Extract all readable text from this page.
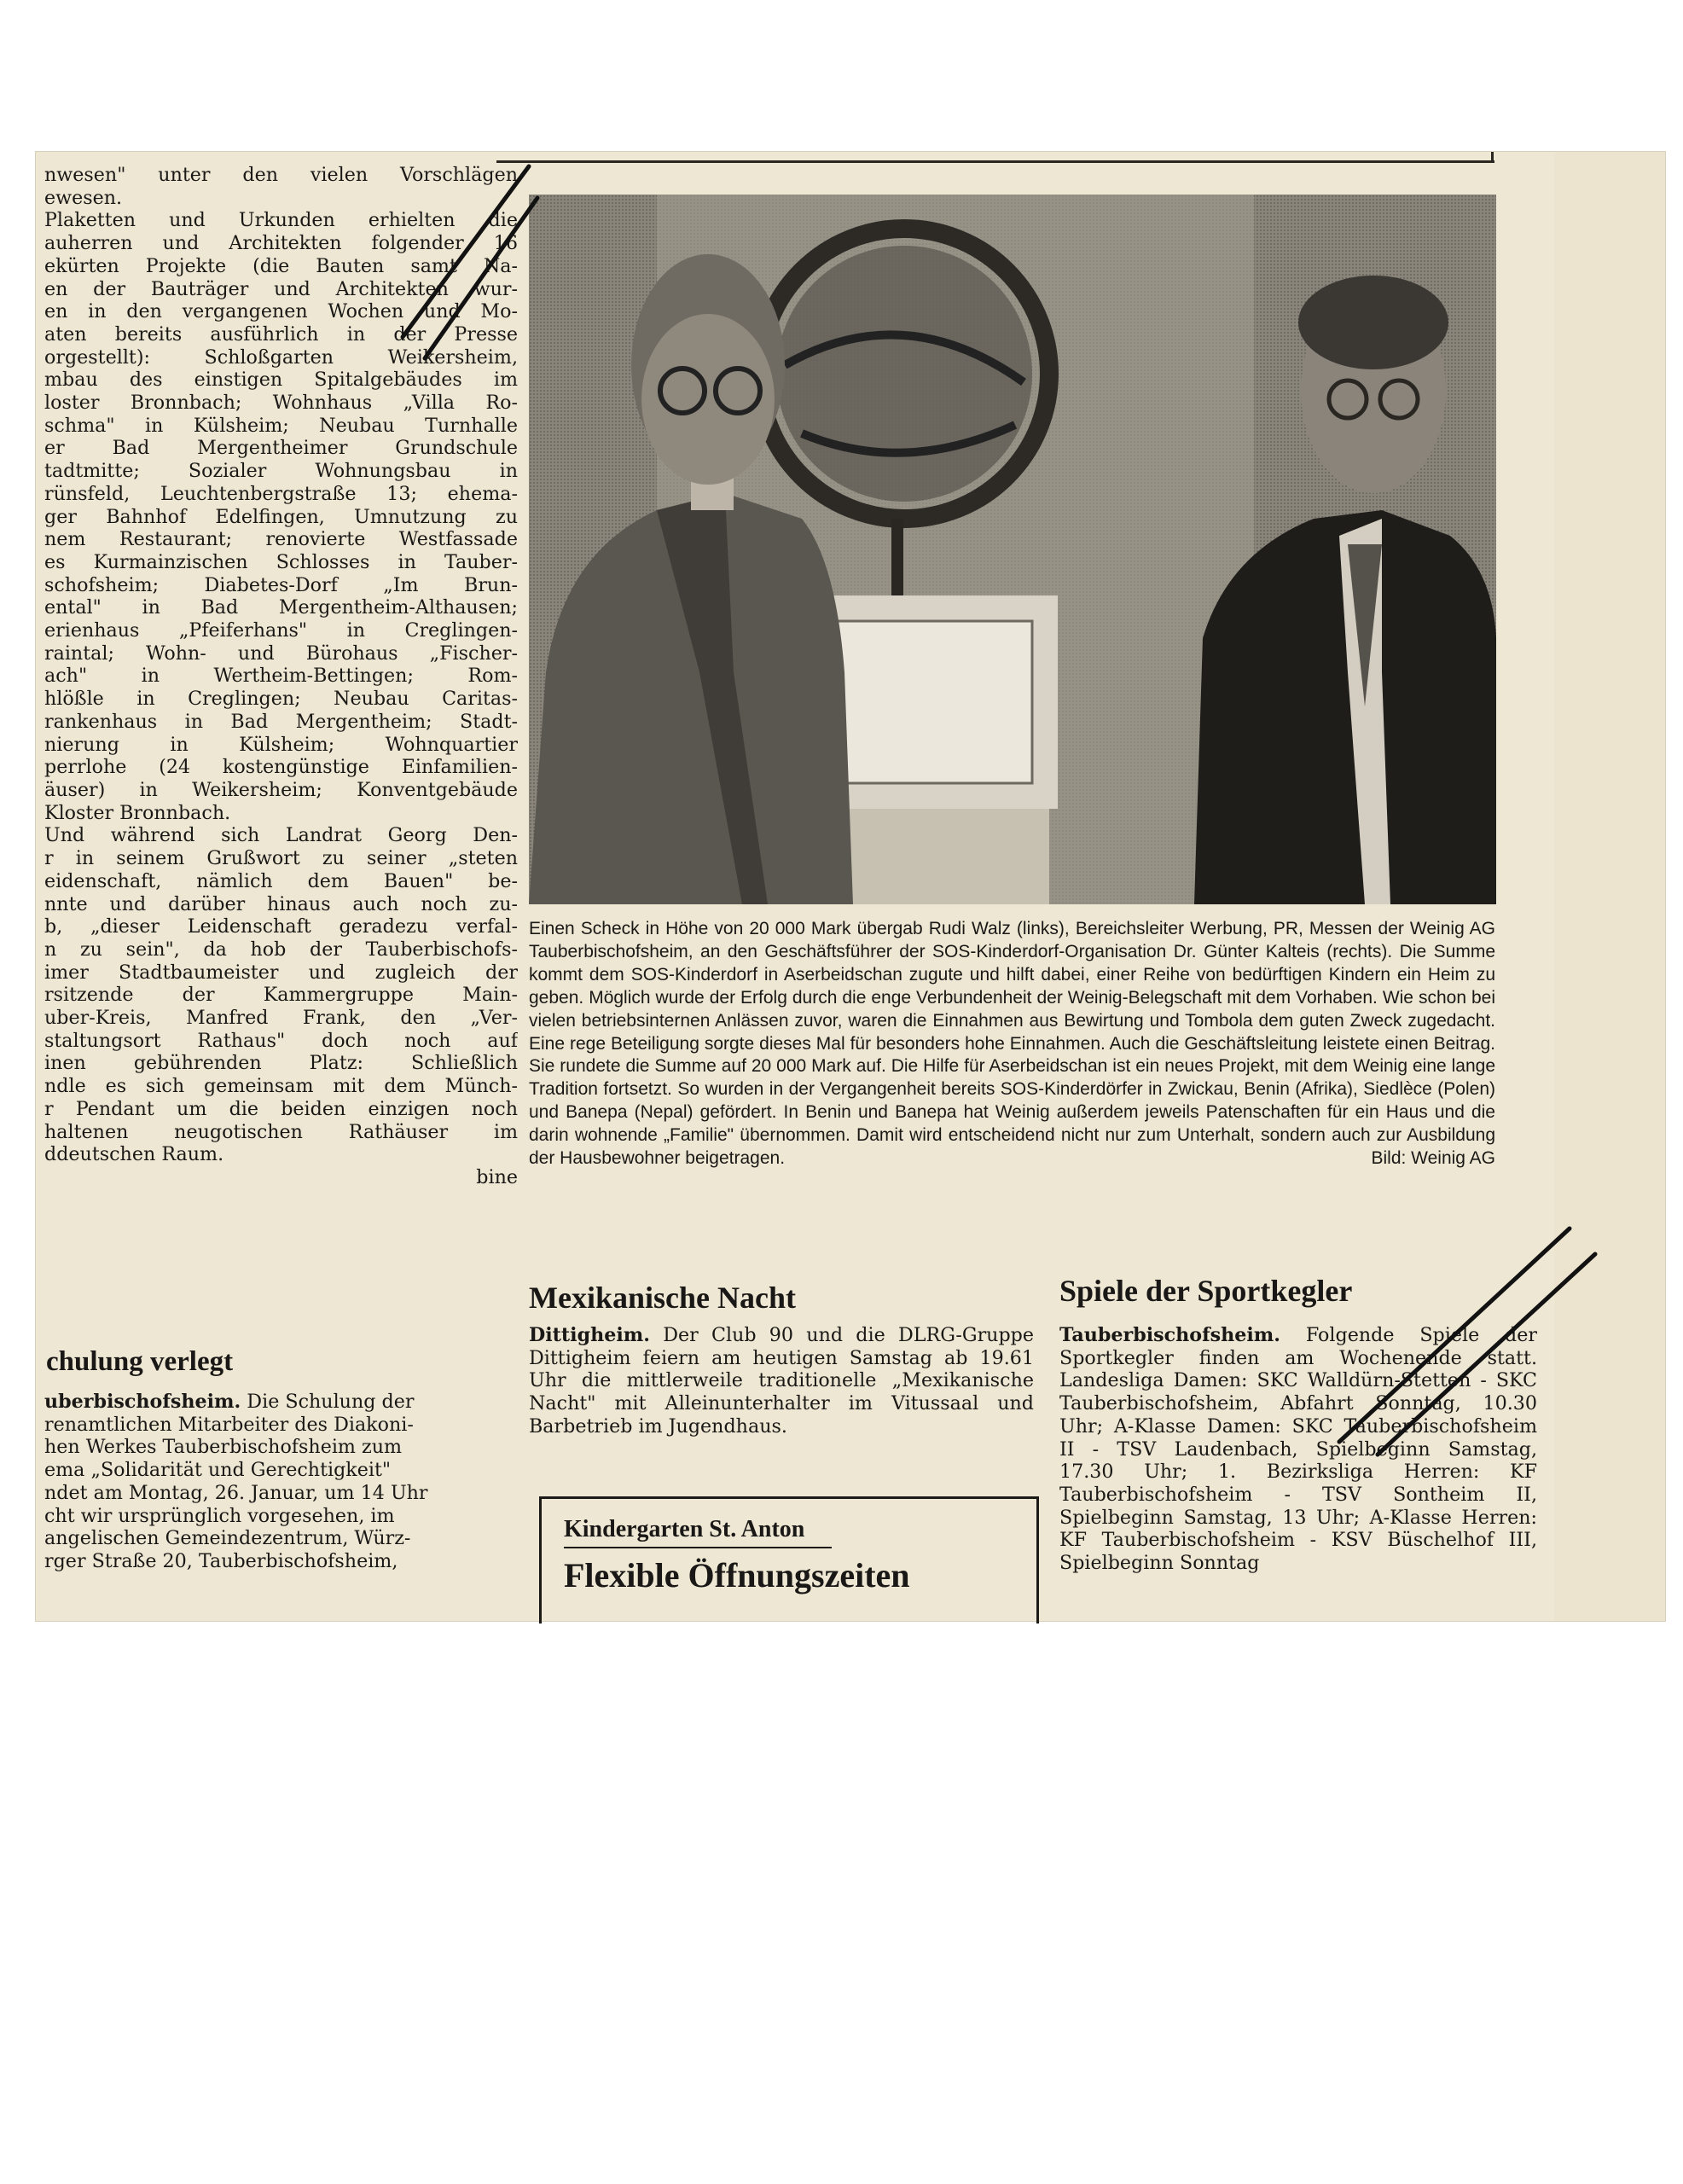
nwesen" unter den vielen Vorschlägen

ewesen.

Plaketten und Urkunden erhielten die

auherren und Architekten folgender 16

ekürten Projekte (die Bauten samt Na-

en der Bauträger und Architekten wur-

en in den vergangenen Wochen und Mo-

aten bereits ausführlich in der Presse

orgestellt): Schloßgarten Weikersheim,

mbau des einstigen Spitalgebäudes im

loster Bronnbach; Wohnhaus „Villa Ro-

schma" in Külsheim; Neubau Turnhalle

er Bad Mergentheimer Grundschule

tadtmitte; Sozialer Wohnungsbau in

rünsfeld, Leuchtenbergstraße 13; ehema-

ger Bahnhof Edelfingen, Umnutzung zu

nem Restaurant; renovierte Westfassade

es Kurmainzischen Schlosses in Tauber-

schofsheim; Diabetes-Dorf „Im Brun-

ental" in Bad Mergentheim-Althausen;

erienhaus „Pfeiferhans" in Creglingen-

raintal; Wohn- und Bürohaus „Fischer-

ach" in Wertheim-Bettingen; Rom-

hlößle in Creglingen; Neubau Caritas-

rankenhaus in Bad Mergentheim; Stadt-

nierung in Külsheim; Wohnquartier

perrlohe (24 kostengünstige Einfamilien-

äuser) in Weikersheim; Konventgebäude

Kloster Bronnbach.

Und während sich Landrat Georg Den-

r in seinem Grußwort zu seiner „steten

eidenschaft, nämlich dem Bauen" be-

nnte und darüber hinaus auch noch zu-

b, „dieser Leidenschaft geradezu verfal-

n zu sein", da hob der Tauberbischofs-

imer Stadtbaumeister und zugleich der

rsitzende der Kammergruppe Main-

uber-Kreis, Manfred Frank, den „Ver-

staltungsort Rathaus" doch noch auf

inen gebührenden Platz: Schließlich

ndle es sich gemeinsam mit dem Münch-

r Pendant um die beiden einzigen noch

haltenen neugotischen Rathäuser im

ddeutschen Raum.

bine

chulung verlegt

uberbischofsheim. Die Schulung der

renamtlichen Mitarbeiter des Diakoni-

hen Werkes Tauberbischofsheim zum

ema „Solidarität und Gerechtigkeit"

ndet am Montag, 26. Januar, um 14 Uhr

cht wir ursprünglich vorgesehen, im

angelischen Gemeindezentrum, Würz-

rger Straße 20, Tauberbischofsheim,

Einen Scheck in Höhe von 20 000 Mark übergab Rudi Walz (links), Bereichsleiter Werbung, PR, Messen der Weinig AG Tauberbischofsheim, an den Geschäftsführer der SOS-Kinderdorf-Organisation Dr. Günter Kalteis (rechts). Die Summe kommt dem SOS-Kinderdorf in Aserbeidschan zugute und hilft dabei, einer Reihe von bedürftigen Kindern ein Heim zu geben. Möglich wurde der Erfolg durch die enge Verbundenheit der Weinig-Belegschaft mit dem Vorhaben. Wie schon bei vielen betriebsinternen Anlässen zuvor, waren die Einnahmen aus Bewirtung und Tombola dem guten Zweck zugedacht. Eine rege Beteiligung sorgte dieses Mal für besonders hohe Einnahmen. Auch die Geschäftsleitung leistete einen Beitrag. Sie rundete die Summe auf 20 000 Mark auf. Die Hilfe für Aserbeidschan ist ein neues Projekt, mit dem Weinig eine lange Tradition fortsetzt. So wurden in der Vergangenheit bereits SOS-Kinderdörfer in Zwickau, Benin (Afrika), Siedlèce (Polen) und Banepa (Nepal) gefördert. In Benin und Banepa hat Weinig außerdem jeweils Patenschaften für ein Haus und die darin wohnende „Familie" übernommen. Damit wird entscheidend nicht nur zum Unterhalt, sondern auch zur Ausbildung der Hausbewohner beigetragen.	Bild: Weinig AG
Mexikanische Nacht

Dittigheim. Der Club 90 und die DLRG-Gruppe Dittigheim feiern am heutigen Samstag ab 19.61 Uhr die mittlerweile traditionelle „Mexikanische Nacht" mit Alleinunterhalter im Vitussaal und Barbetrieb im Jugendhaus.

Kindergarten St. Anton
Flexible Öffnungszeiten
Spiele der Sportkegler

Tauberbischofsheim. Folgende Spiele der Sportkegler finden am Wochenende statt. Landesliga Damen: SKC Walldürn-Stetten - SKC Tauberbischofsheim, Abfahrt Sonntag, 10.30 Uhr; A-Klasse Damen: SKC Tauberbischofsheim II - TSV Laudenbach, Spielbeginn Samstag, 17.30 Uhr; 1. Bezirksliga Herren: KF Tauberbischofsheim - TSV Sontheim II, Spielbeginn Samstag, 13 Uhr; A-Klasse Herren: KF Tauberbischofsheim - KSV Büschelhof III, Spielbeginn Sonntag
